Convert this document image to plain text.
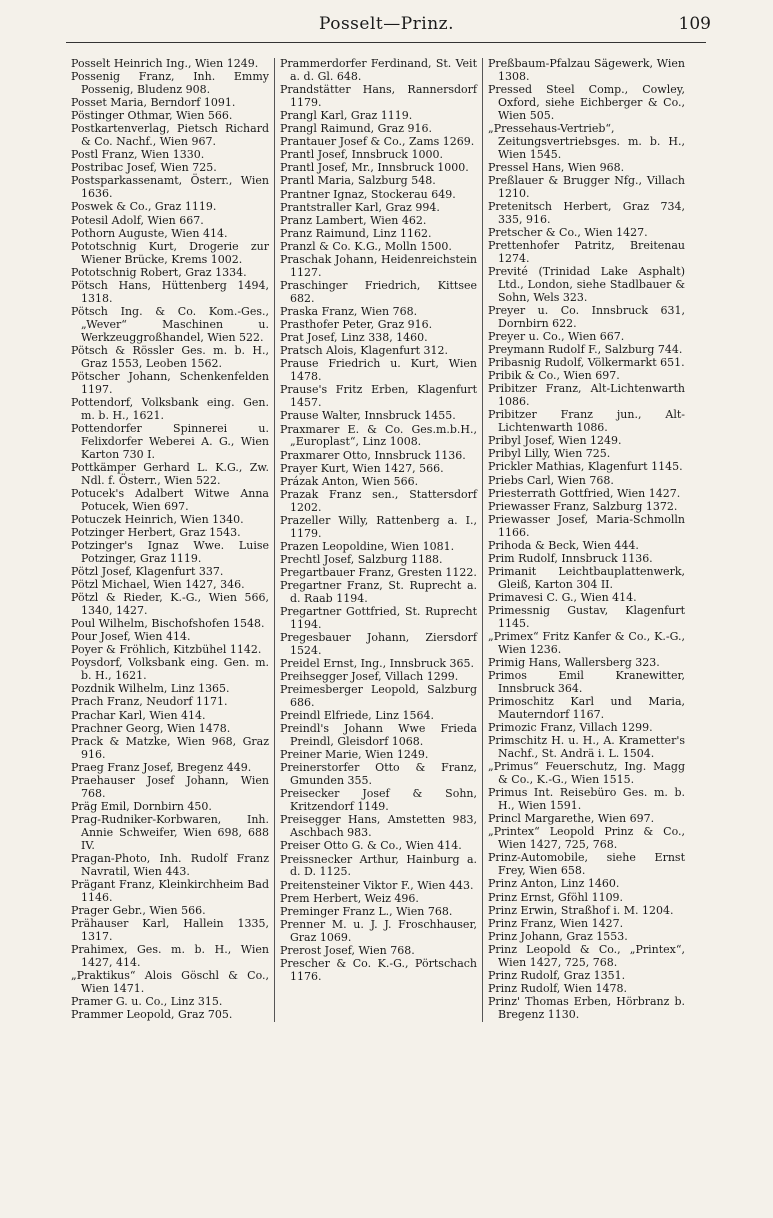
Posselt—Prinz.	109
Posselt Heinrich Ing., Wien 1249.
Possenig Franz, Inh. Emmy Possenig, Bludenz 908.
Posset Maria, Berndorf 1091.
Pöstinger Othmar, Wien 566.
Postkartenverlag, Pietsch Richard & Co. Nachf., Wien 967.
Postl Franz, Wien 1330.
Postribac Josef, Wien 725.
Postsparkassenamt, Österr., Wien 1636.
Poswek & Co., Graz 1119.
Potesil Adolf, Wien 667.
Pothorn Auguste, Wien 414.
Pototschnig Kurt, Drogerie zur Wiener Brücke, Krems 1002.
Pototschnig Robert, Graz 1334.
Pötsch Hans, Hüttenberg 1494, 1318.
Pötsch Ing. & Co. Kom.-Ges., „Wever“ Maschinen u. Werkzeuggroßhandel, Wien 522.
Pötsch & Rössler Ges. m. b. H., Graz 1553, Leoben 1562.
Pötscher Johann, Schenkenfelden 1197.
Pottendorf, Volksbank eing. Gen. m. b. H., 1621.
Pottendorfer Spinnerei u. Felixdorfer Weberei A. G., Wien Karton 730 I.
Pottkämper Gerhard L. K.G., Zw. Ndl. f. Österr., Wien 522.
Potucek's Adalbert Witwe Anna Potucek, Wien 697.
Potuczek Heinrich, Wien 1340.
Potzinger Herbert, Graz 1543.
Potzinger's Ignaz Wwe. Luise Potzinger, Graz 1119.
Pötzl Josef, Klagenfurt 337.
Pötzl Michael, Wien 1427, 346.
Pötzl & Rieder, K.-G., Wien 566, 1340, 1427.
Poul Wilhelm, Bischofshofen 1548.
Pour Josef, Wien 414.
Poyer & Fröhlich, Kitzbühel 1142.
Poysdorf, Volksbank eing. Gen. m. b. H., 1621.
Pozdnik Wilhelm, Linz 1365.
Prach Franz, Neudorf 1171.
Prachar Karl, Wien 414.
Prachner Georg, Wien 1478.
Prack & Matzke, Wien 968, Graz 916.
Praeg Franz Josef, Bregenz 449.
Praehauser Josef Johann, Wien 768.
Präg Emil, Dornbirn 450.
Prag-Rudniker-Korbwaren, Inh. Annie Schweifer, Wien 698, 688 IV.
Pragan-Photo, Inh. Rudolf Franz Navratil, Wien 443.
Prägant Franz, Kleinkirchheim Bad 1146.
Prager Gebr., Wien 566.
Prähauser Karl, Hallein 1335, 1317.
Prahimex, Ges. m. b. H., Wien 1427, 414.
„Praktikus“ Alois Göschl & Co., Wien 1471.
Pramer G. u. Co., Linz 315.
Prammer Leopold, Graz 705.
Prammerdorfer Ferdinand, St. Veit a. d. Gl. 648.
Prandstätter Hans, Rannersdorf 1179.
Prangl Karl, Graz 1119.
Prangl Raimund, Graz 916.
Prantauer Josef & Co., Zams 1269.
Prantl Josef, Innsbruck 1000.
Prantl Josef, Mr., Innsbruck 1000.
Prantl Maria, Salzburg 548.
Prantner Ignaz, Stockerau 649.
Prantstraller Karl, Graz 994.
Pranz Lambert, Wien 462.
Pranz Raimund, Linz 1162.
Pranzl & Co. K.G., Molln 1500.
Praschak Johann, Heidenreichstein 1127.
Praschinger Friedrich, Kittsee 682.
Praska Franz, Wien 768.
Prasthofer Peter, Graz 916.
Prat Josef, Linz 338, 1460.
Pratsch Alois, Klagenfurt 312.
Prause Friedrich u. Kurt, Wien 1478.
Prause's Fritz Erben, Klagenfurt 1457.
Prause Walter, Innsbruck 1455.
Praxmarer E. & Co. Ges.m.b.H., „Europlast“, Linz 1008.
Praxmarer Otto, Innsbruck 1136.
Prayer Kurt, Wien 1427, 566.
Prázak Anton, Wien 566.
Prazak Franz sen., Stattersdorf 1202.
Prazeller Willy, Rattenberg a. I., 1179.
Prazen Leopoldine, Wien 1081.
Prechtl Josef, Salzburg 1188.
Pregartbauer Franz, Gresten 1122.
Pregartner Franz, St. Ruprecht a. d. Raab 1194.
Pregartner Gottfried, St. Ruprecht 1194.
Pregesbauer Johann, Ziersdorf 1524.
Preidel Ernst, Ing., Innsbruck 365.
Preihsegger Josef, Villach 1299.
Preimesberger Leopold, Salzburg 686.
Preindl Elfriede, Linz 1564.
Preindl's Johann Wwe Frieda Preindl, Gleisdorf 1068.
Preiner Marie, Wien 1249.
Preinerstorfer Otto & Franz, Gmunden 355.
Preisecker Josef & Sohn, Kritzendorf 1149.
Preisegger Hans, Amstetten 983, Aschbach 983.
Preiser Otto G. & Co., Wien 414.
Preissnecker Arthur, Hainburg a. d. D. 1125.
Preitensteiner Viktor F., Wien 443.
Prem Herbert, Weiz 496.
Preminger Franz L., Wien 768.
Prenner M. u. J. J. Froschhauser, Graz 1069.
Prerost Josef, Wien 768.
Prescher & Co. K.-G., Pörtschach 1176.
Preßbaum-Pfalzau Sägewerk, Wien 1308.
Pressed Steel Comp., Cowley, Oxford, siehe Eichberger & Co., Wien 505.
„Pressehaus-Vertrieb“, Zeitungsvertriebsges. m. b. H., Wien 1545.
Pressel Hans, Wien 968.
Preßlauer & Brugger Nfg., Villach 1210.
Pretenitsch Herbert, Graz 734, 335, 916.
Pretscher & Co., Wien 1427.
Prettenhofer Patritz, Breitenau 1274.
Previté (Trinidad Lake Asphalt) Ltd., London, siehe Stadlbauer & Sohn, Wels 323.
Preyer u. Co. Innsbruck 631, Dornbirn 622.
Preyer u. Co., Wien 667.
Preymann Rudolf F., Salzburg 744.
Pribasnig Rudolf, Völkermarkt 651.
Pribik & Co., Wien 697.
Pribitzer Franz, Alt-Lichtenwarth 1086.
Pribitzer Franz jun., Alt-Lichtenwarth 1086.
Pribyl Josef, Wien 1249.
Pribyl Lilly, Wien 725.
Prickler Mathias, Klagenfurt 1145.
Priebs Carl, Wien 768.
Priesterrath Gottfried, Wien 1427.
Priewasser Franz, Salzburg 1372.
Priewasser Josef, Maria-Schmolln 1166.
Prihoda & Beck, Wien 444.
Prim Rudolf, Innsbruck 1136.
Primanit Leichtbauplattenwerk, Gleiß, Karton 304 II.
Primavesi C. G., Wien 414.
Primessnig Gustav, Klagenfurt 1145.
„Primex“ Fritz Kanfer & Co., K.-G., Wien 1236.
Primig Hans, Wallersberg 323.
Primos Emil Kranewitter, Innsbruck 364.
Primoschitz Karl und Maria, Mauterndorf 1167.
Primozic Franz, Villach 1299.
Primschitz H. u. H., A. Krametter's Nachf., St. Andrä i. L. 1504.
„Primus“ Feuerschutz, Ing. Magg & Co., K.-G., Wien 1515.
Primus Int. Reisebüro Ges. m. b. H., Wien 1591.
Princl Margarethe, Wien 697.
„Printex“ Leopold Prinz & Co., Wien 1427, 725, 768.
Prinz-Automobile, siehe Ernst Frey, Wien 658.
Prinz Anton, Linz 1460.
Prinz Ernst, Gföhl 1109.
Prinz Erwin, Straßhof i. M. 1204.
Prinz Franz, Wien 1427.
Prinz Johann, Graz 1553.
Prinz Leopold & Co., „Printex“, Wien 1427, 725, 768.
Prinz Rudolf, Graz 1351.
Prinz Rudolf, Wien 1478.
Prinz' Thomas Erben, Hörbranz b. Bregenz 1130.
